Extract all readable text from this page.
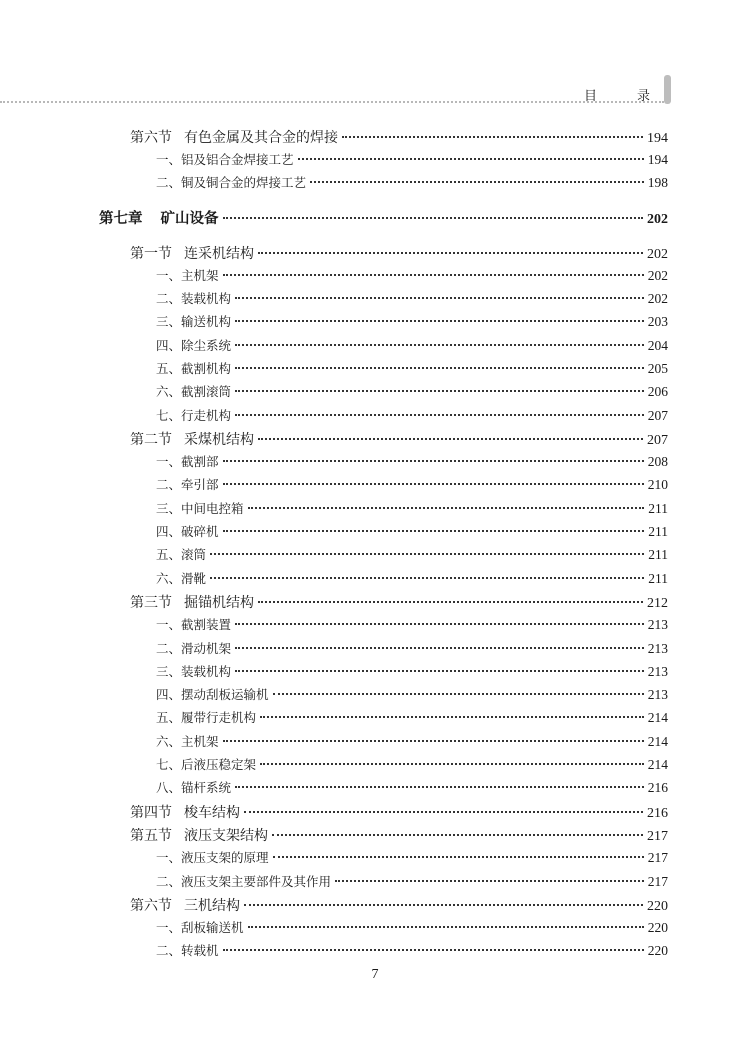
目	录
第六节 有色金属及其合金的焊接	194
一、铝及铝合金焊接工艺	194
二、铜及铜合金的焊接工艺	198
第七章 矿山设备	202
第一节 连采机结构	202
一、主机架	202
二、装载机构	202
三、输送机构	203
四、除尘系统	204
五、截割机构	205
六、截割滚筒	206
七、行走机构	207
第二节 采煤机结构	207
一、截割部	208
二、牵引部	210
三、中间电控箱	211
四、破碎机	211
五、滚筒	211
六、滑靴	211
第三节 掘锚机结构	212
一、截割装置	213
二、滑动机架	213
三、装载机构	213
四、摆动刮板运输机	213
五、履带行走机构	214
六、主机架	214
七、后液压稳定架	214
八、锚杆系统	216
第四节 梭车结构	216
第五节 液压支架结构	217
一、液压支架的原理	217
二、液压支架主要部件及其作用	217
第六节 三机结构	220
一、刮板输送机	220
二、转载机	220
7
